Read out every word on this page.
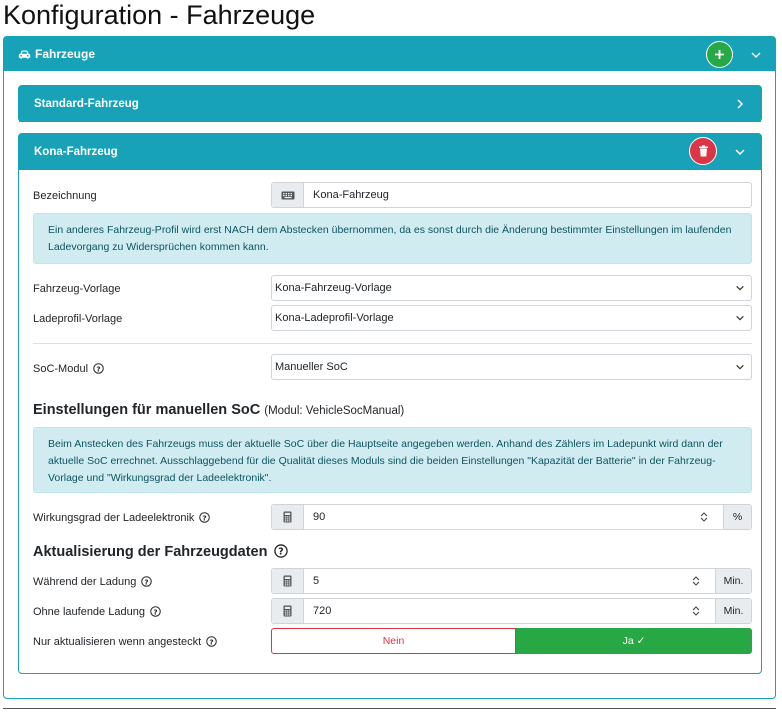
Konfiguration - Fahrzeuge
Fahrzeuge
Standard-Fahrzeug
Kona-Fahrzeug
Bezeichnung	Kona-Fahrzeug
Ein anderes Fahrzeug-Profil wird erst NACH dem Abstecken übernommen, da es sonst durch die Änderung bestimmter Einstellungen im laufenden Ladevorgang zu Widersprüchen kommen kann.
Fahrzeug-Vorlage	Kona-Fahrzeug-Vorlage
Ladeprofil-Vorlage	Kona-Ladeprofil-Vorlage
SoC-Modul ?	Manueller SoC
Einstellungen für manuellen SoC (Modul: VehicleSocManual)
Beim Anstecken des Fahrzeugs muss der aktuelle SoC über die Hauptseite angegeben werden. Anhand des Zählers im Ladepunkt wird dann der aktuelle SoC errechnet. Ausschlaggebend für die Qualität dieses Moduls sind die beiden Einstellungen "Kapazität der Batterie" in der Fahrzeug-Vorlage und "Wirkungsgrad der Ladeelektronik".
Wirkungsgrad der Ladeelektronik ?	90	%
Aktualisierung der Fahrzeugdaten ?
Während der Ladung ?	5	Min.
Ohne laufende Ladung ?	720	Min.
Nur aktualisieren wenn angesteckt ?	Nein	Ja ✓
